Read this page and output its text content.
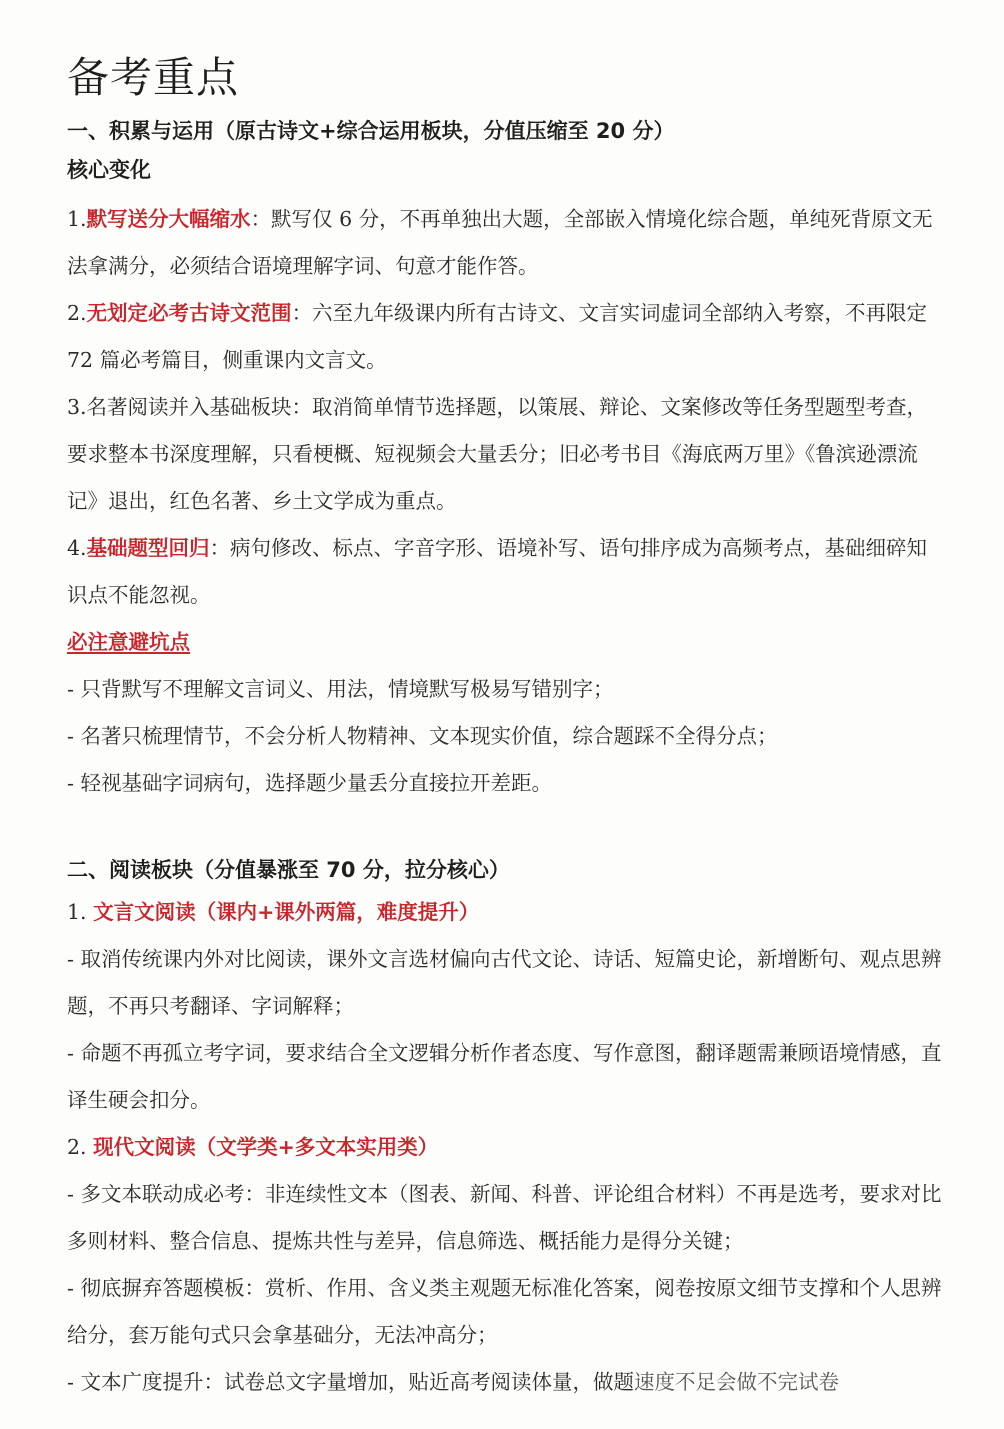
备考重点
一、积累与运用（原古诗文+综合运用板块，分值压缩至 20 分）
核心变化

1.默写送分大幅缩水：默写仅 6 分，不再单独出大题，全部嵌入情境化综合题，单纯死背原文无法拿满分，必须结合语境理解字词、句意才能作答。

2.无划定必考古诗文范围：六至九年级课内所有古诗文、文言实词虚词全部纳入考察，不再限定 72 篇必考篇目，侧重课内文言文。

3.名著阅读并入基础板块：取消简单情节选择题，以策展、辩论、文案修改等任务型题型考查，要求整本书深度理解，只看梗概、短视频会大量丢分；旧必考书目《海底两万里》《鲁滨逊漂流记》退出，红色名著、乡土文学成为重点。

4.基础题型回归：病句修改、标点、字音字形、语境补写、语句排序成为高频考点，基础细碎知识点不能忽视。

必注意避坑点

- 只背默写不理解文言词义、用法，情境默写极易写错别字；

- 名著只梳理情节，不会分析人物精神、文本现实价值，综合题踩不全得分点；

- 轻视基础字词病句，选择题少量丢分直接拉开差距。

二、阅读板块（分值暴涨至 70 分，拉分核心）

1. 文言文阅读（课内+课外两篇，难度提升）

- 取消传统课内外对比阅读，课外文言选材偏向古代文论、诗话、短篇史论，新增断句、观点思辨题，不再只考翻译、字词解释；

- 命题不再孤立考字词，要求结合全文逻辑分析作者态度、写作意图，翻译题需兼顾语境情感，直译生硬会扣分。

2. 现代文阅读（文学类+多文本实用类）

- 多文本联动成必考：非连续性文本（图表、新闻、科普、评论组合材料）不再是选考，要求对比多则材料、整合信息、提炼共性与差异，信息筛选、概括能力是得分关键；

- 彻底摒弃答题模板：赏析、作用、含义类主观题无标准化答案，阅卷按原文细节支撑和个人思辨给分，套万能句式只会拿基础分，无法冲高分；

- 文本广度提升：试卷总文字量增加，贴近高考阅读体量，做题速度不足会做不完试卷
